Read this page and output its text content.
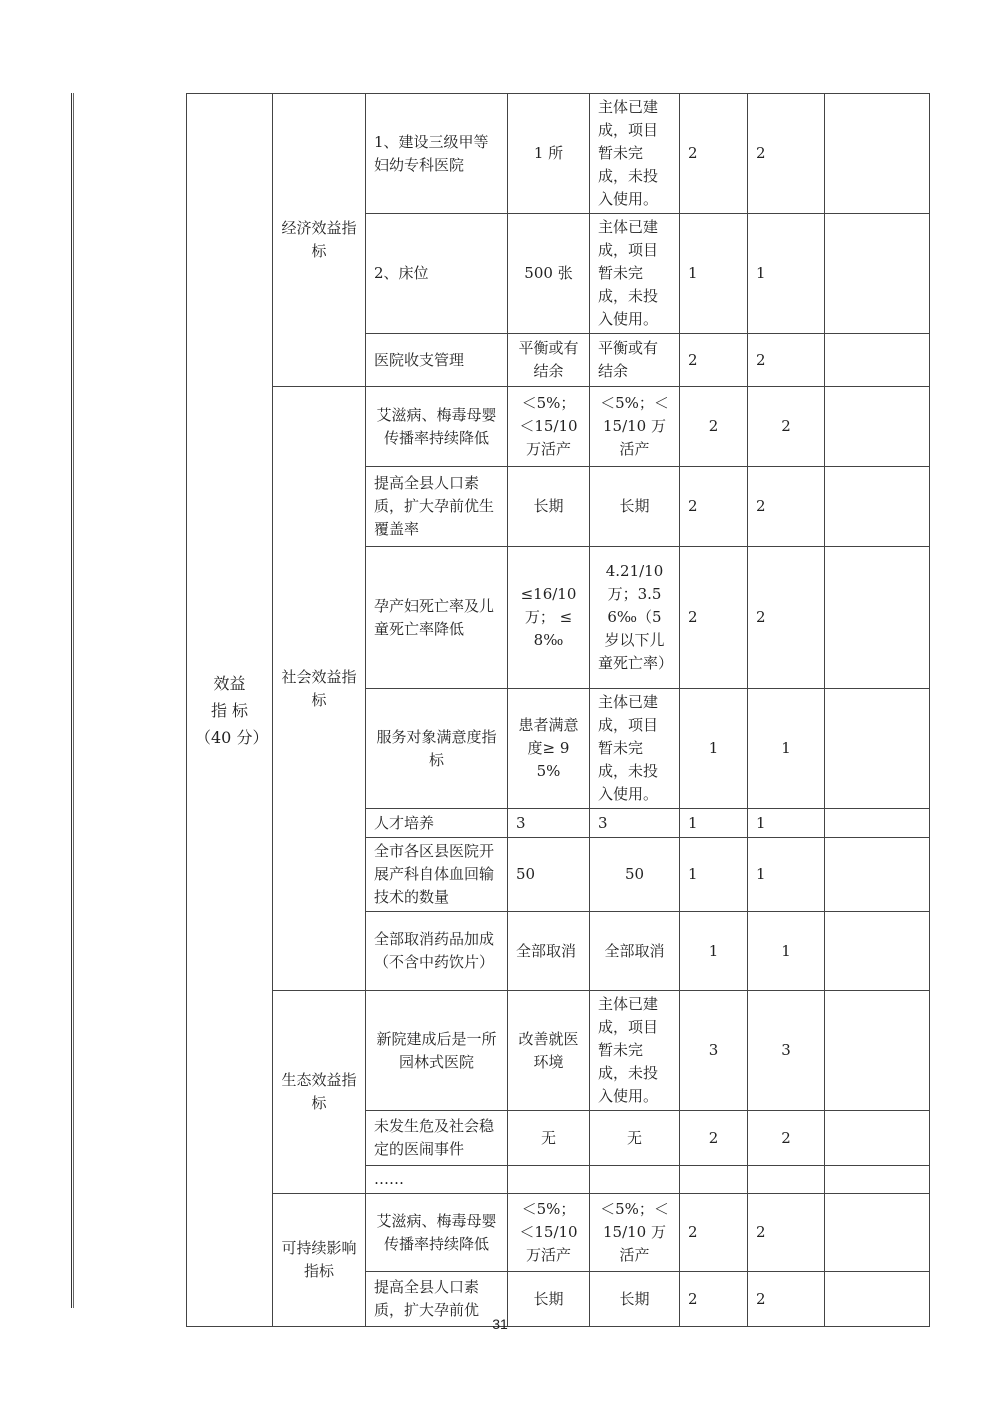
效益
指 标
（40 分）	经济效益指标	1、建设三级甲等妇幼专科医院	1 所	主体已建成，项目暂未完成，未投入使用。	2	2	
		2、床位	500 张	主体已建成，项目暂未完成，未投入使用。	1	1	
		医院收支管理	平衡或有结余	平衡或有结余	2	2	
	社会效益指标	艾滋病、梅毒母婴传播率持续降低	＜5%；＜15/10 万活产	＜5%；＜ 15/10 万活产	2	2	
		提高全县人口素质，扩大孕前优生覆盖率	长期	长期	2	2	
		孕产妇死亡率及儿童死亡率降低	≤16/10 万； ≤ 8‰	4.21/10 万；3.56‰（5 岁以下儿童死亡率）	2	2	
		服务对象满意度指标	患者满意度≥ 95%	主体已建成，项目暂未完成，未投入使用。	1	1	
		人才培养	3	3	1	1	
		全市各区县医院开展产科自体血回输技术的数量	50	50	1	1	
		全部取消药品加成（不含中药饮片）	全部取消	全部取消	1	1	
	生态效益指标	新院建成后是一所园林式医院	改善就医环境	主体已建成，项目暂未完成，未投入使用。	3	3	
		未发生危及社会稳定的医闹事件	无	无	2	2	
		……					
	可持续影响指标	艾滋病、梅毒母婴传播率持续降低	＜5%；＜15/10 万活产	＜5%；＜ 15/10 万活产	2	2	
		提高全县人口素质，扩大孕前优	长期	长期	2	2	
31
